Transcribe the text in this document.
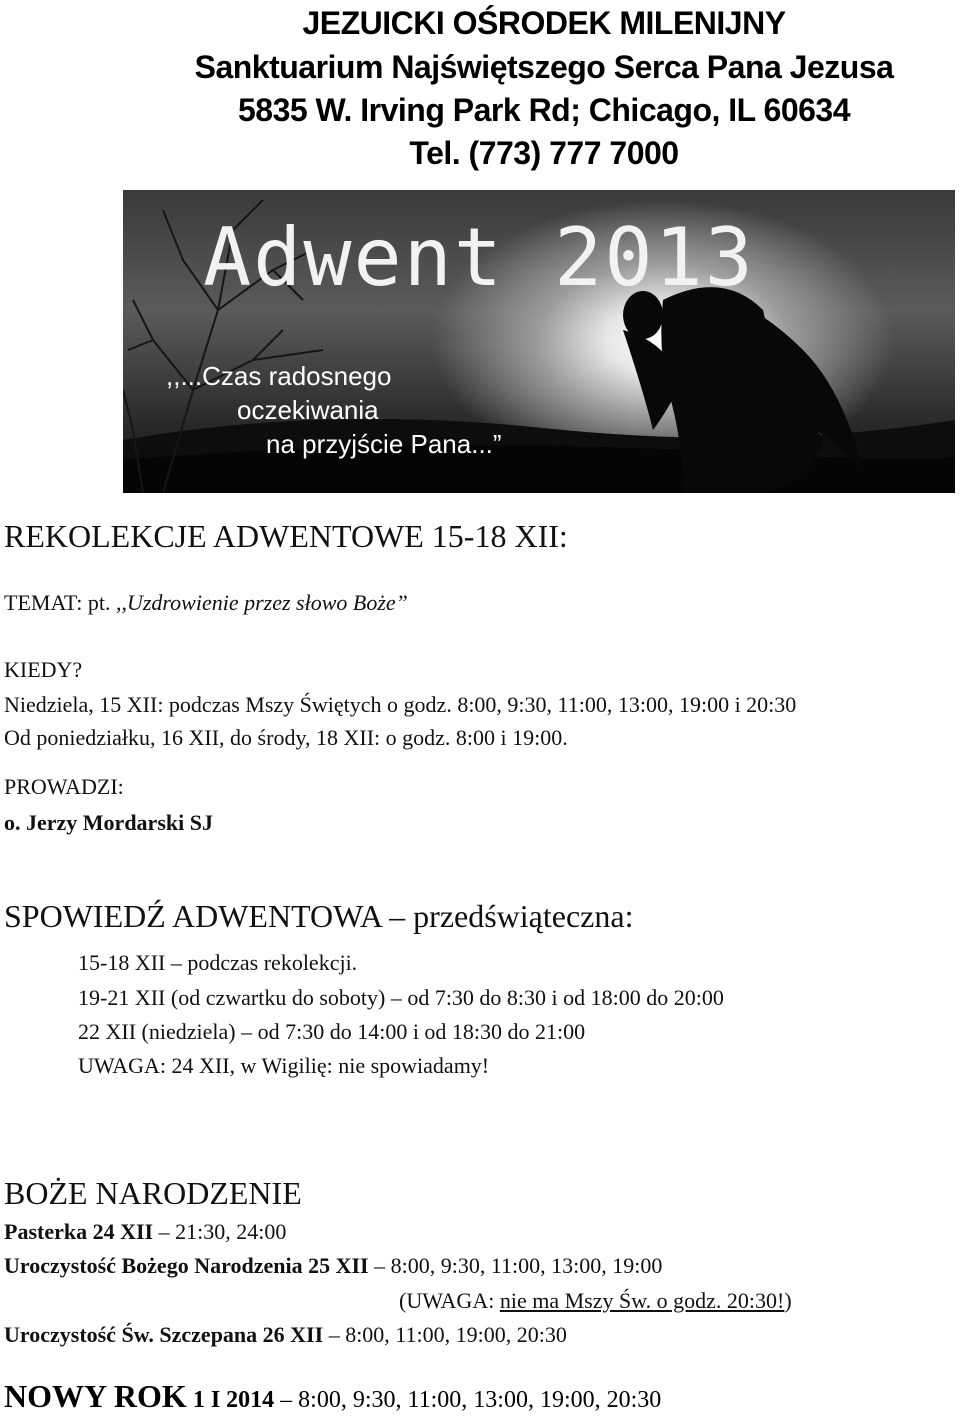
JEZUICKI OŚRODEK MILENIJNY
Sanktuarium Najświętszego Serca Pana Jezusa
5835 W. Irving Park Rd; Chicago, IL 60634
Tel. (773) 777 7000
Adwent 2013
,,...Czas radosnego
oczekiwania
na przyjście Pana...”
REKOLEKCJE ADWENTOWE 15-18 XII:
TEMAT: pt. ,,Uzdrowienie przez słowo Boże”
KIEDY?
Niedziela, 15 XII: podczas Mszy Świętych o godz. 8:00, 9:30, 11:00, 13:00, 19:00 i 20:30
Od poniedziałku, 16 XII, do środy, 18 XII: o godz. 8:00 i 19:00.
PROWADZI:
o. Jerzy Mordarski SJ
SPOWIEDŹ ADWENTOWA – przedświąteczna:
15-18 XII – podczas rekolekcji.
19-21 XII (od czwartku do soboty) – od 7:30 do 8:30 i od 18:00 do 20:00
22 XII (niedziela) – od 7:30 do 14:00 i od 18:30 do 21:00
UWAGA: 24 XII, w Wigilię: nie spowiadamy!
BOŻE NARODZENIE
Pasterka 24 XII – 21:30, 24:00
Uroczystość Bożego Narodzenia 25 XII – 8:00, 9:30, 11:00, 13:00, 19:00
(UWAGA: nie ma Mszy Św. o godz. 20:30!)
Uroczystość Św. Szczepana 26 XII – 8:00, 11:00, 19:00, 20:30
NOWY ROK 1 I 2014 – 8:00, 9:30, 11:00, 13:00, 19:00, 20:30
